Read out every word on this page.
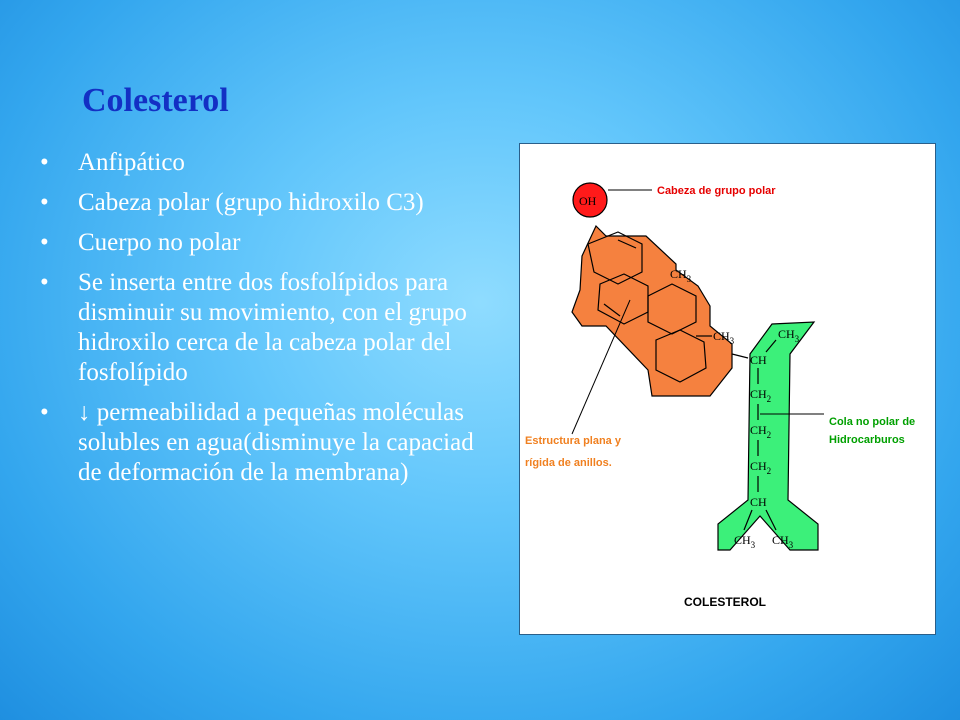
Colesterol
• Anfipático
• Cabeza polar (grupo hidroxilo C3)
• Cuerpo no polar
• Se inserta entre dos fosfolípidos para disminuir su movimiento, con el grupo hidroxilo cerca de la cabeza polar del fosfolípido
• ↓ permeabilidad a pequeñas moléculas solubles en agua(disminuye la capaciad de deformación de la membrana)
OH
$CH_3$
$CH_3$	$CH_3$
CH
$CH_2$
$CH_2$
$CH_2$
CH
$CH_3$ $CH_3$
Cabeza de grupo polar
Estructura plana y
rígida de anillos.
Cola no polar de
Hidrocarburos
COLESTEROL
